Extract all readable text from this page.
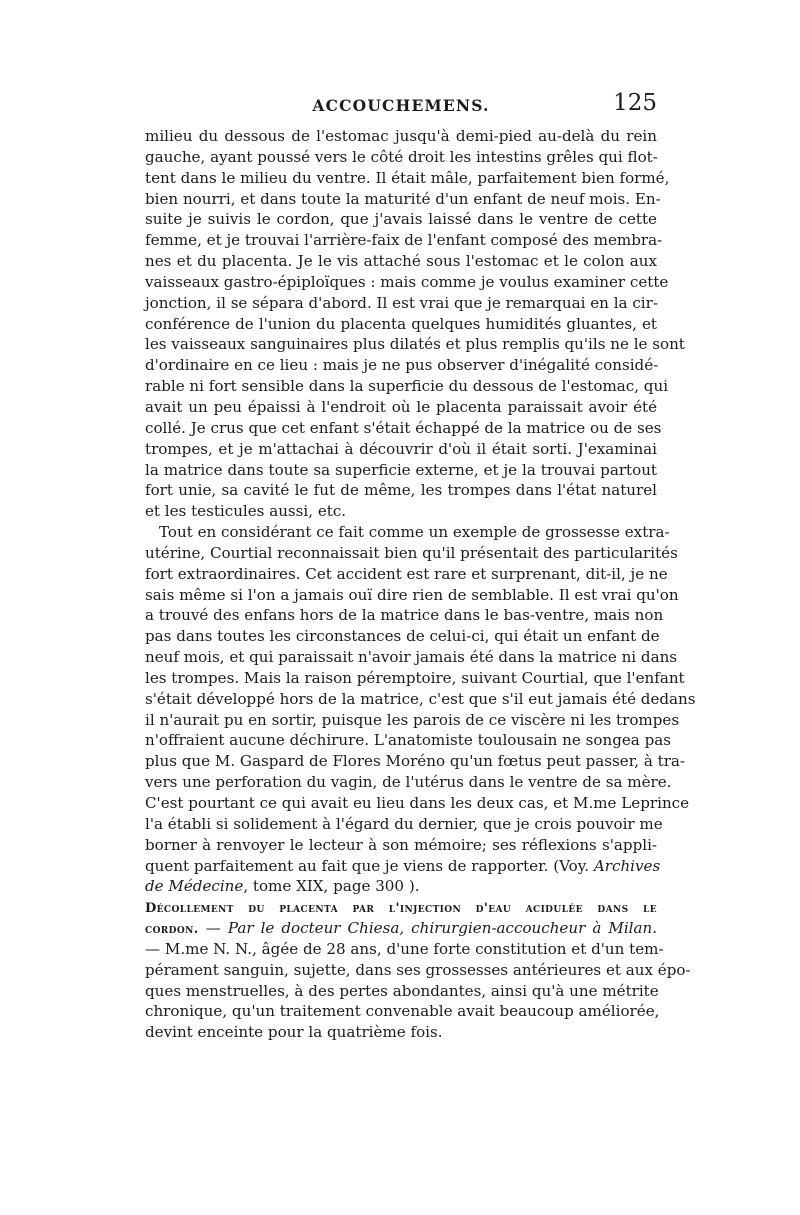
ACCOUCHEMENS.	125
milieu du dessous de l'estomac jusqu'à demi-pied au-delà du rein
gauche, ayant poussé vers le côté droit les intestins grêles qui flot-
tent dans le milieu du ventre. Il était mâle, parfaitement bien formé,
bien nourri, et dans toute la maturité d'un enfant de neuf mois. En-
suite je suivis le cordon, que j'avais laissé dans le ventre de cette
femme, et je trouvai l'arrière-faix de l'enfant composé des membra-
nes et du placenta. Je le vis attaché sous l'estomac et le colon aux
vaisseaux gastro-épiploïques : mais comme je voulus examiner cette
jonction, il se sépara d'abord. Il est vrai que je remarquai en la cir-
conférence de l'union du placenta quelques humidités gluantes, et
les vaisseaux sanguinaires plus dilatés et plus remplis qu'ils ne le sont
d'ordinaire en ce lieu : mais je ne pus observer d'inégalité considé-
rable ni fort sensible dans la superficie du dessous de l'estomac, qui
avait un peu épaissi à l'endroit où le placenta paraissait avoir été
collé. Je crus que cet enfant s'était échappé de la matrice ou de ses
trompes, et je m'attachai à découvrir d'où il était sorti. J'examinai
la matrice dans toute sa superficie externe, et je la trouvai partout
fort unie, sa cavité le fut de même, les trompes dans l'état naturel
et les testicules aussi, etc.
Tout en considérant ce fait comme un exemple de grossesse extra-
utérine, Courtial reconnaissait bien qu'il présentait des particularités
fort extraordinaires. Cet accident est rare et surprenant, dit-il, je ne
sais même si l'on a jamais ouï dire rien de semblable. Il est vrai qu'on
a trouvé des enfans hors de la matrice dans le bas-ventre, mais non
pas dans toutes les circonstances de celui-ci, qui était un enfant de
neuf mois, et qui paraissait n'avoir jamais été dans la matrice ni dans
les trompes. Mais la raison péremptoire, suivant Courtial, que l'enfant
s'était développé hors de la matrice, c'est que s'il eut jamais été dedans
il n'aurait pu en sortir, puisque les parois de ce viscère ni les trompes
n'offraient aucune déchirure. L'anatomiste toulousain ne songea pas
plus que M. Gaspard de Flores Moréno qu'un fœtus peut passer, à tra-
vers une perforation du vagin, de l'utérus dans le ventre de sa mère.
C'est pourtant ce qui avait eu lieu dans les deux cas, et M.me Leprince
l'a établi si solidement à l'égard du dernier, que je crois pouvoir me
borner à renvoyer le lecteur à son mémoire; ses réflexions s'appli-
quent parfaitement au fait que je viens de rapporter. (Voy. Archives
de Médecine, tome XIX, page 300 ).
Décollement du placenta par l'injection d'eau acidulée dans le
cordon. — Par le docteur Chiesa, chirurgien-accoucheur à Milan.
— M.me N. N., âgée de 28 ans, d'une forte constitution et d'un tem-
pérament sanguin, sujette, dans ses grossesses antérieures et aux épo-
ques menstruelles, à des pertes abondantes, ainsi qu'à une métrite
chronique, qu'un traitement convenable avait beaucoup améliorée,
devint enceinte pour la quatrième fois.
